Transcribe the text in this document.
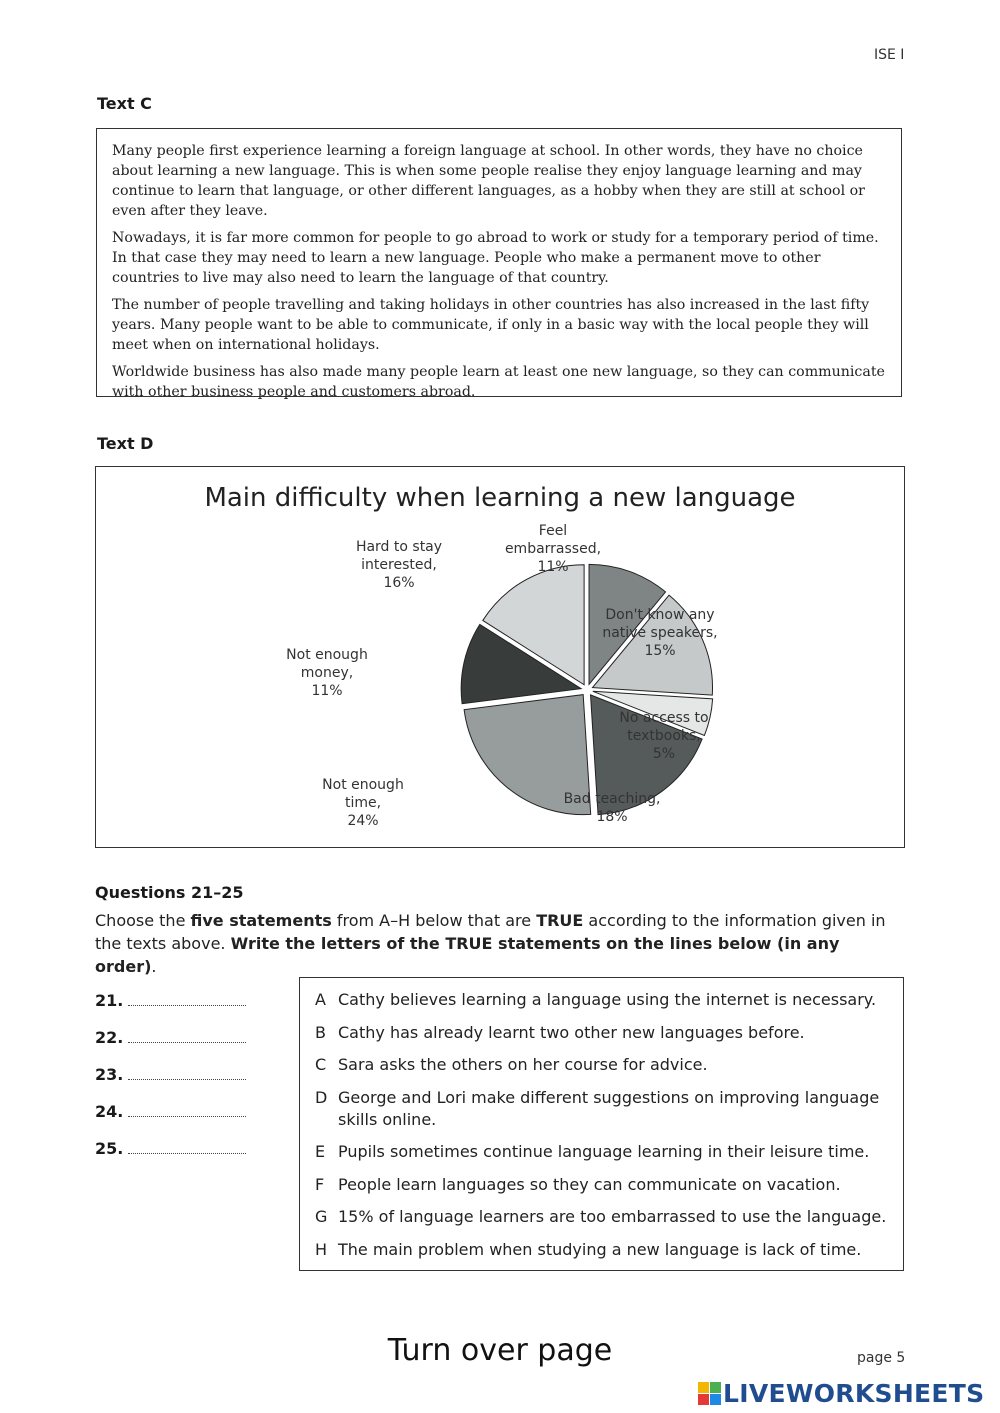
ISE I
Text C

Many people first experience learning a foreign language at school. In other words, they have no choice about learning a new language. This is when some people realise they enjoy language learning and may continue to learn that language, or other different languages, as a hobby when they are still at school or even after they leave.

Nowadays, it is far more common for people to go abroad to work or study for a temporary period of time. In that case they may need to learn a new language. People who make a permanent move to other countries to live may also need to learn the language of that country.

The number of people travelling and taking holidays in other countries has also increased in the last fifty years. Many people want to be able to communicate, if only in a basic way with the local people they will meet when on international holidays.

Worldwide business has also made many people learn at least one new language, so they can communicate with other business people and customers abroad.

Text D
Main difficulty when learning a new language
Feel embarrassed, 11%
Don't know any native speakers, 15%
No access to textbooks, 5%
Bad teaching, 18%
Not enough time, 24%
Not enough money, 11%
Hard to stay interested, 16%
Questions 21–25
Choose the five statements from A–H below that are TRUE according to the information given in the texts above. Write the letters of the TRUE statements on the lines below (in any order).
21.
22.
23.
24.
25.
A Cathy believes learning a language using the internet is necessary.
B Cathy has already learnt two other new languages before.
C Sara asks the others on her course for advice.
D George and Lori make different suggestions on improving language skills online.
E Pupils sometimes continue language learning in their leisure time.
F People learn languages so they can communicate on vacation.
G 15% of language learners are too embarrassed to use the language.
H The main problem when studying a new language is lack of time.
Turn over page	page 5
LIVEWORKSHEETS
